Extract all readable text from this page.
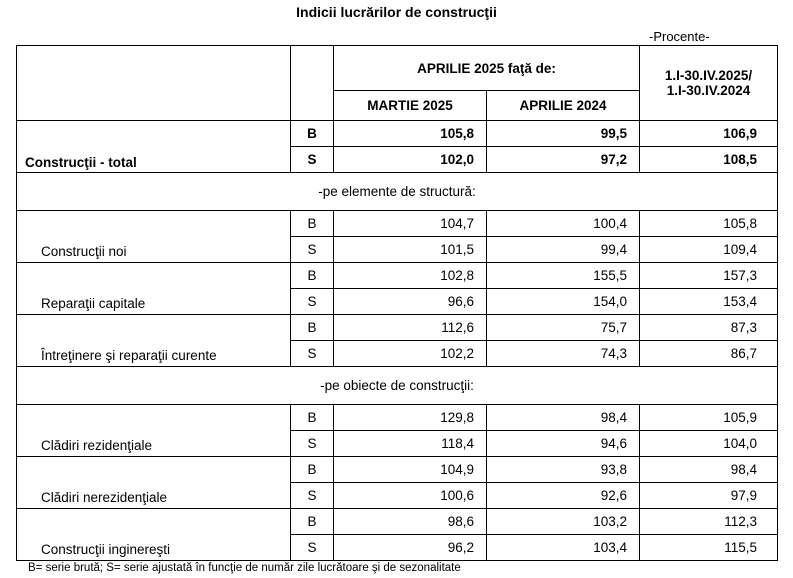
Indicii lucrărilor de construcţii
-Procente-
		APRILIE 2025 faţă de:		1.I-30.IV.2025/
1.I-30.IV.2024
		MARTIE 2025	APRILIE 2024	
Construcţii - total	B	105,8	99,5	106,9
	S	102,0	97,2	108,5
-pe elemente de structură:				
Construcţii noi	B	104,7	100,4	105,8
	S	101,5	99,4	109,4
Reparaţii capitale	B	102,8	155,5	157,3
	S	96,6	154,0	153,4
Întreţinere şi reparaţii curente	B	112,6	75,7	87,3
	S	102,2	74,3	86,7
-pe obiecte de construcţii:				
Clădiri rezidenţiale	B	129,8	98,4	105,9
	S	118,4	94,6	104,0
Clădiri nerezidenţiale	B	104,9	93,8	98,4
	S	100,6	92,6	97,9
Construcţii inginereşti	B	98,6	103,2	112,3
	S	96,2	103,4	115,5
B= serie brută; S= serie ajustată în funcţie de număr zile lucrătoare şi de sezonalitate
